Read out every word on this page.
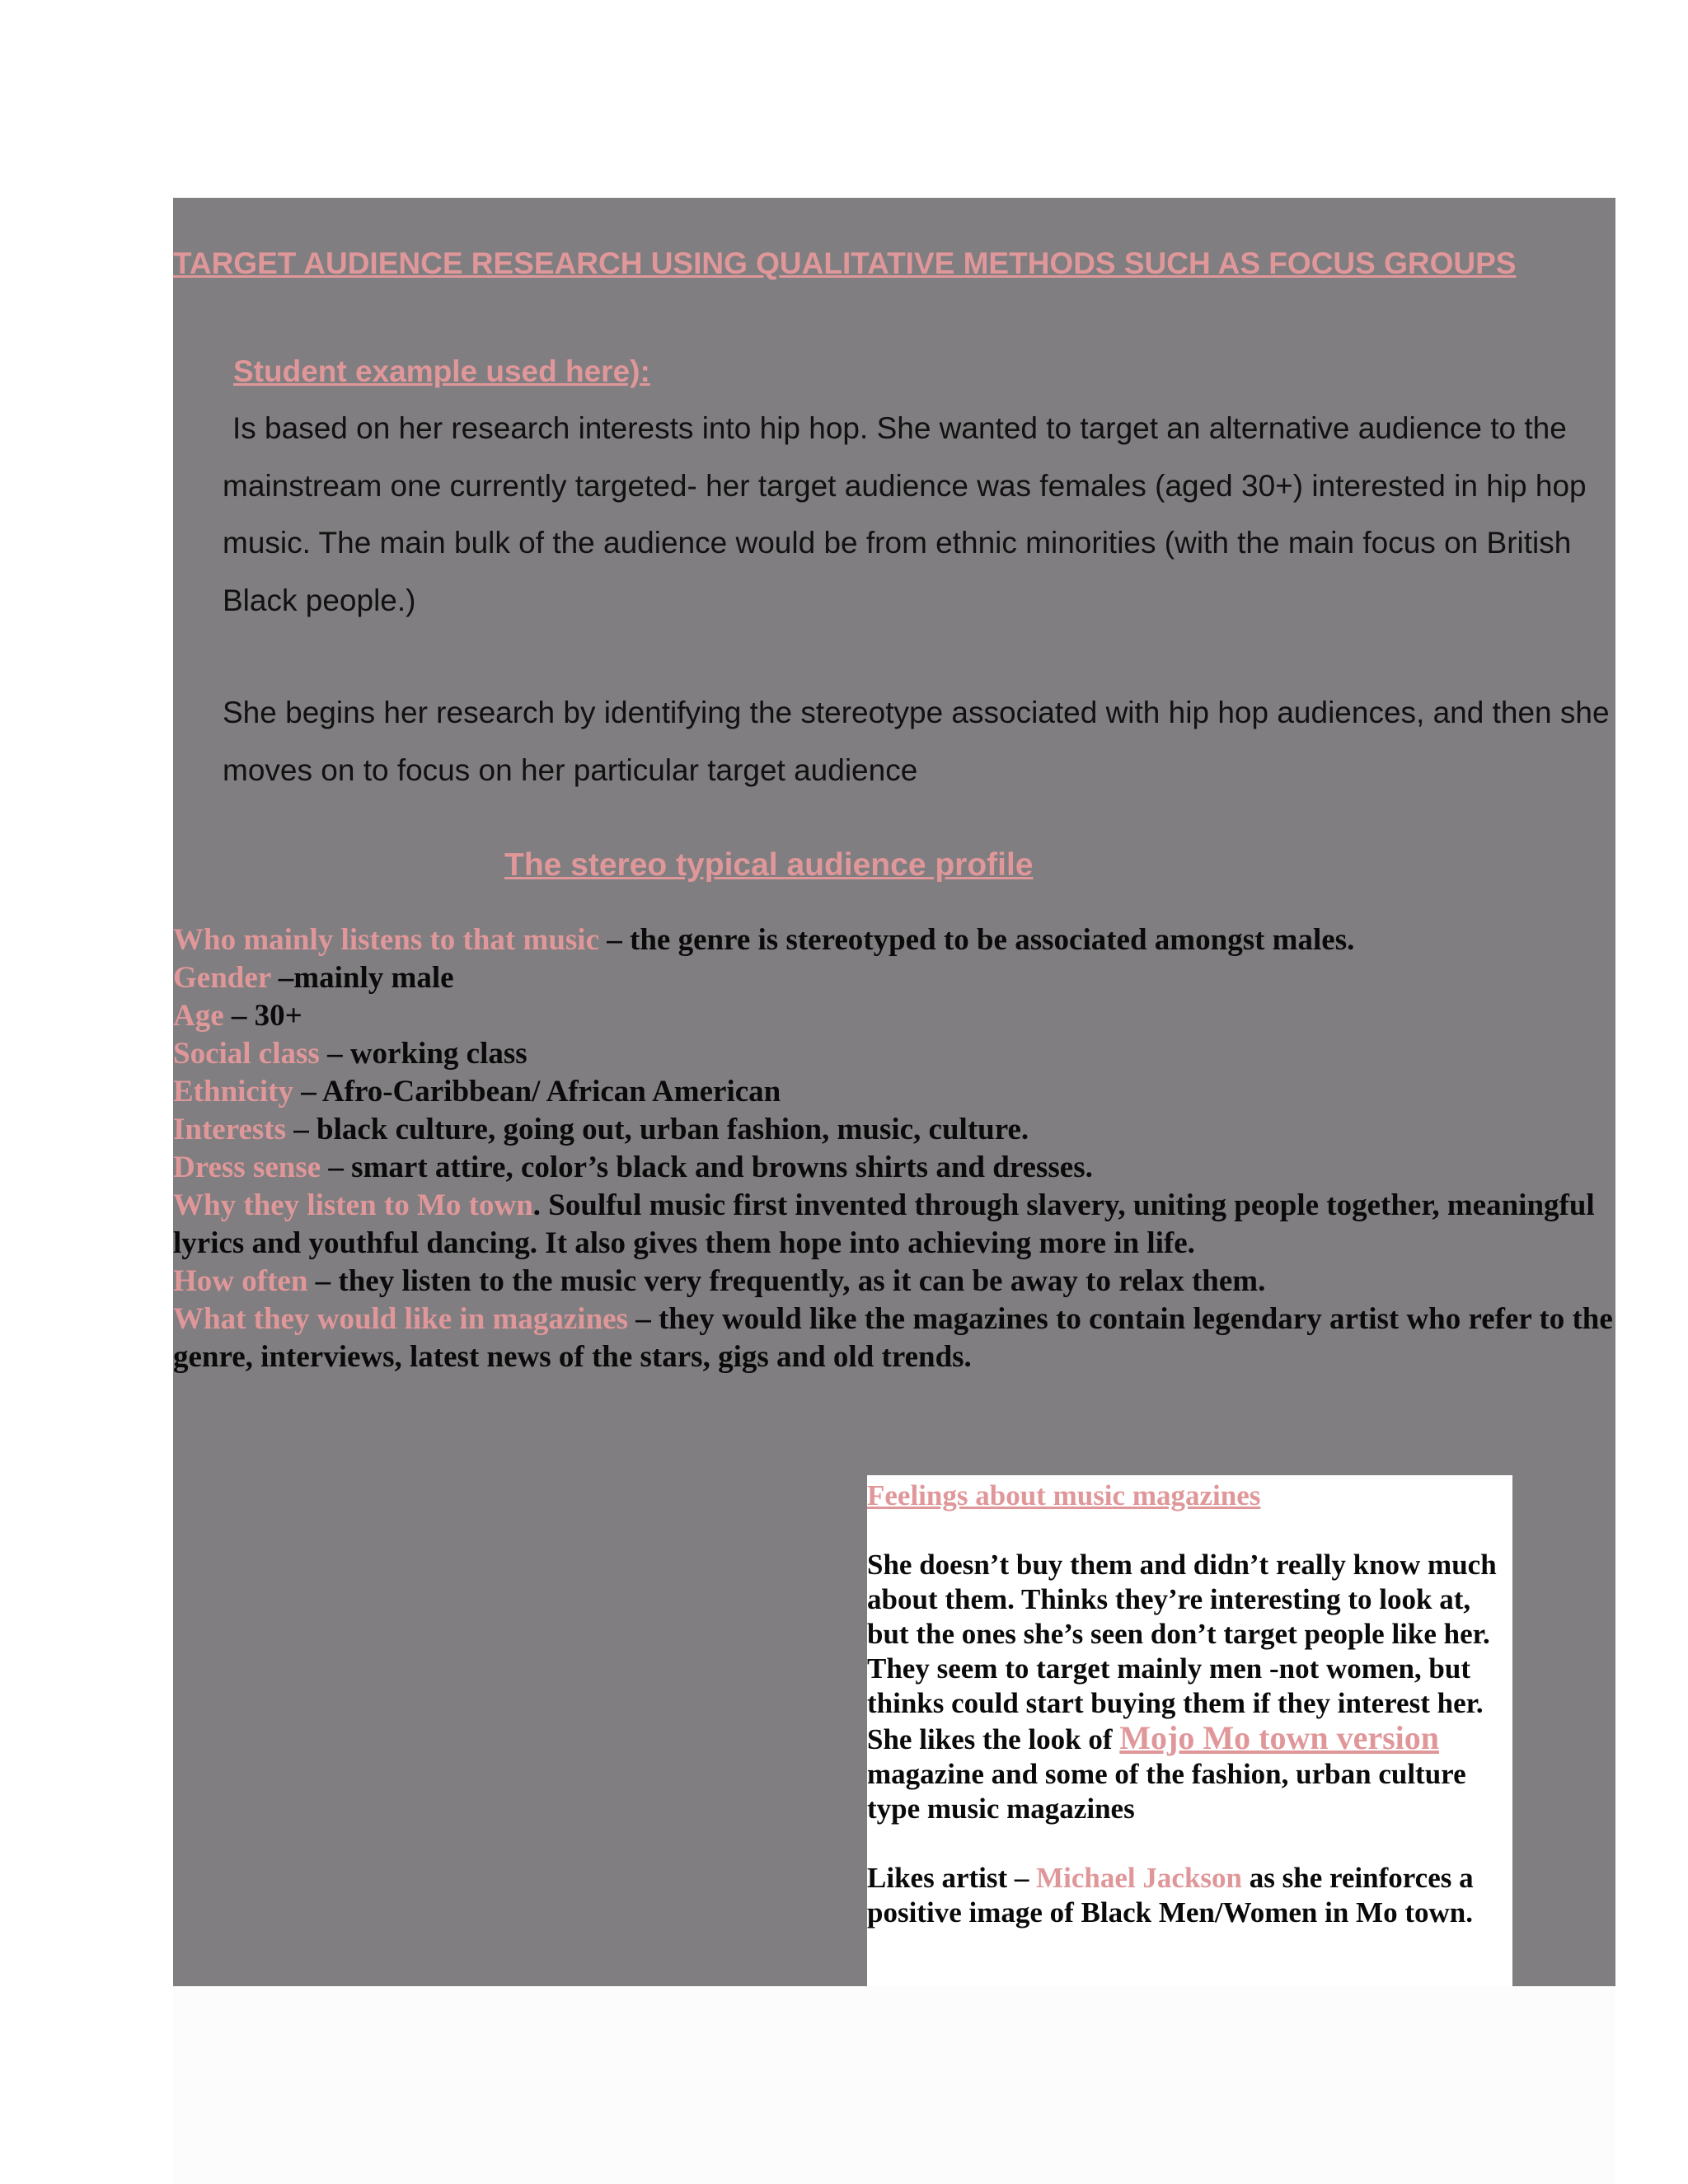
TARGET AUDIENCE RESEARCH USING QUALITATIVE METHODS SUCH AS FOCUS GROUPS
Student example used here):

Is based on her research interests into hip hop. She wanted to target an alternative audience to the mainstream one currently targeted- her target audience was females (aged 30+) interested in hip hop music. The main bulk of the audience would be from ethnic minorities (with the main focus on British Black people.)

She begins her research by identifying the stereotype associated with hip hop audiences, and then she moves on to focus on her particular target audience

The stereo typical audience profile
Who mainly listens to that music – the genre is stereotyped to be associated amongst males.
Gender –mainly male
Age – 30+
Social class – working class
Ethnicity – Afro-Caribbean/ African American
Interests – black culture, going out, urban fashion, music, culture.
Dress sense – smart attire, color’s black and browns shirts and dresses.
Why they listen to Mo town. Soulful music first invented through slavery, uniting people together, meaningful lyrics and youthful dancing. It also gives them hope into achieving more in life.
How often – they listen to the music very frequently, as it can be away to relax them.
What they would like in magazines – they would like the magazines to contain legendary artist who refer to the genre, interviews, latest news of the stars, gigs and old trends.
Feelings about music magazines

She doesn’t buy them and didn’t really know much about them. Thinks they’re interesting to look at, but the ones she’s seen don’t target people like her. They seem to target mainly men -not women, but thinks could start buying them if they interest her.

She likes the look of Mojo Mo town version magazine and some of the fashion, urban culture type music magazines

Likes artist – Michael Jackson as she reinforces a positive image of Black Men/Women in Mo town.
